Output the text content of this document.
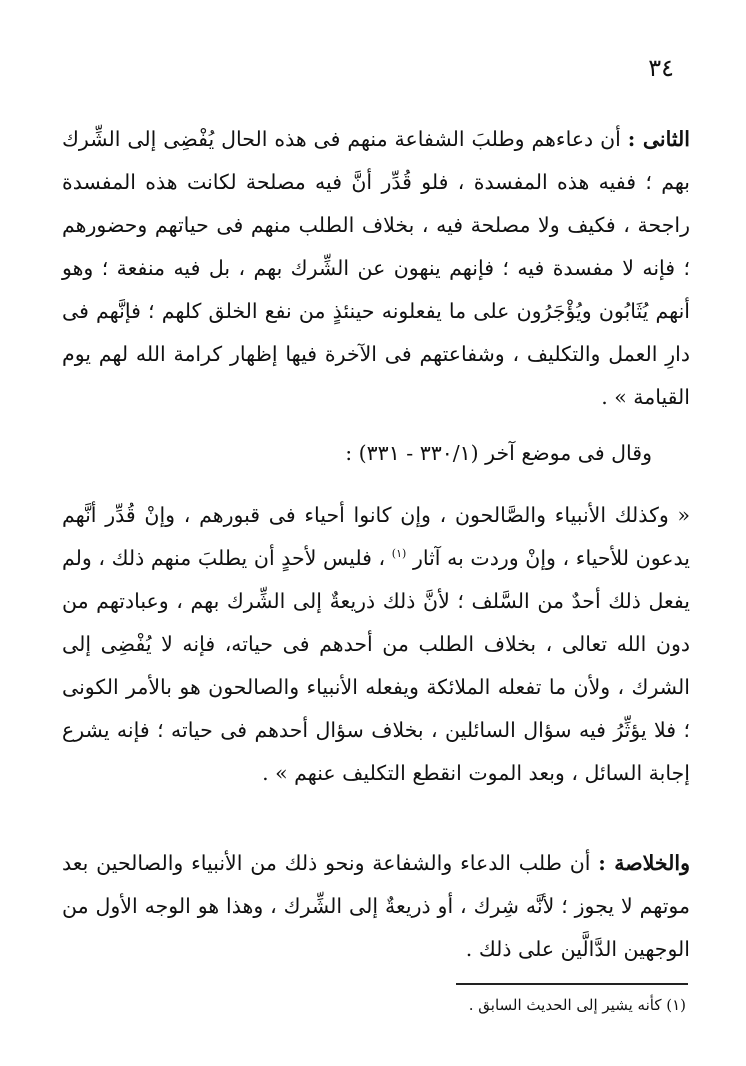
٣٤

الثانى : أن دعاءهم وطلبَ الشفاعة منهم فى هذه الحال يُفْضِى إلى الشِّرك بهم ؛ ففيه هذه المفسدة ، فلو قُدِّر أنَّ فيه مصلحة لكانت هذه المفسدة راجحة ، فكيف ولا مصلحة فيه ، بخلاف الطلب منهم فى حياتهم وحضورهم ؛ فإنه لا مفسدة فيه ؛ فإنهم ينهون عن الشِّرك بهم ، بل فيه منفعة ؛ وهو أنهم يُثَابُون ويُؤْجَرُون على ما يفعلونه حينئذٍ من نفع الخلق كلهم ؛ فإنَّهم فى دارِ العمل والتكليف ، وشفاعتهم فى الآخرة فيها إظهار كرامة الله لهم يوم القيامة » .

وقال فى موضع آخر (٣٣٠/١ - ٣٣١) :

« وكذلك الأنبياء والصَّالحون ، وإن كانوا أحياء فى قبورهم ، وإنْ قُدِّر أنَّهم يدعون للأحياء ، وإنْ وردت به آثار $^{(١)}$ ، فليس لأحدٍ أن يطلبَ منهم ذلك ، ولم يفعل ذلك أحدٌ من السَّلف ؛ لأنَّ ذلك ذريعةٌ إلى الشِّرك بهم ، وعبادتهم من دون الله تعالى ، بخلاف الطلب من أحدهم فى حياته، فإنه لا يُفْضِى إلى الشرك ، ولأن ما تفعله الملائكة ويفعله الأنبياء والصالحون هو بالأمر الكونى ؛ فلا يؤثِّرُ فيه سؤال السائلين ، بخلاف سؤال أحدهم فى حياته ؛ فإنه يشرع إجابة السائل ، وبعد الموت انقطع التكليف عنهم » .

والخلاصة : أن طلب الدعاء والشفاعة ونحو ذلك من الأنبياء والصالحين بعد موتهم لا يجوز ؛ لأنَّه شِرك ، أو ذريعةٌ إلى الشِّرك ، وهذا هو الوجه الأول من الوجهين الدَّالَّين على ذلك .

(١) كأنه يشير إلى الحديث السابق .
